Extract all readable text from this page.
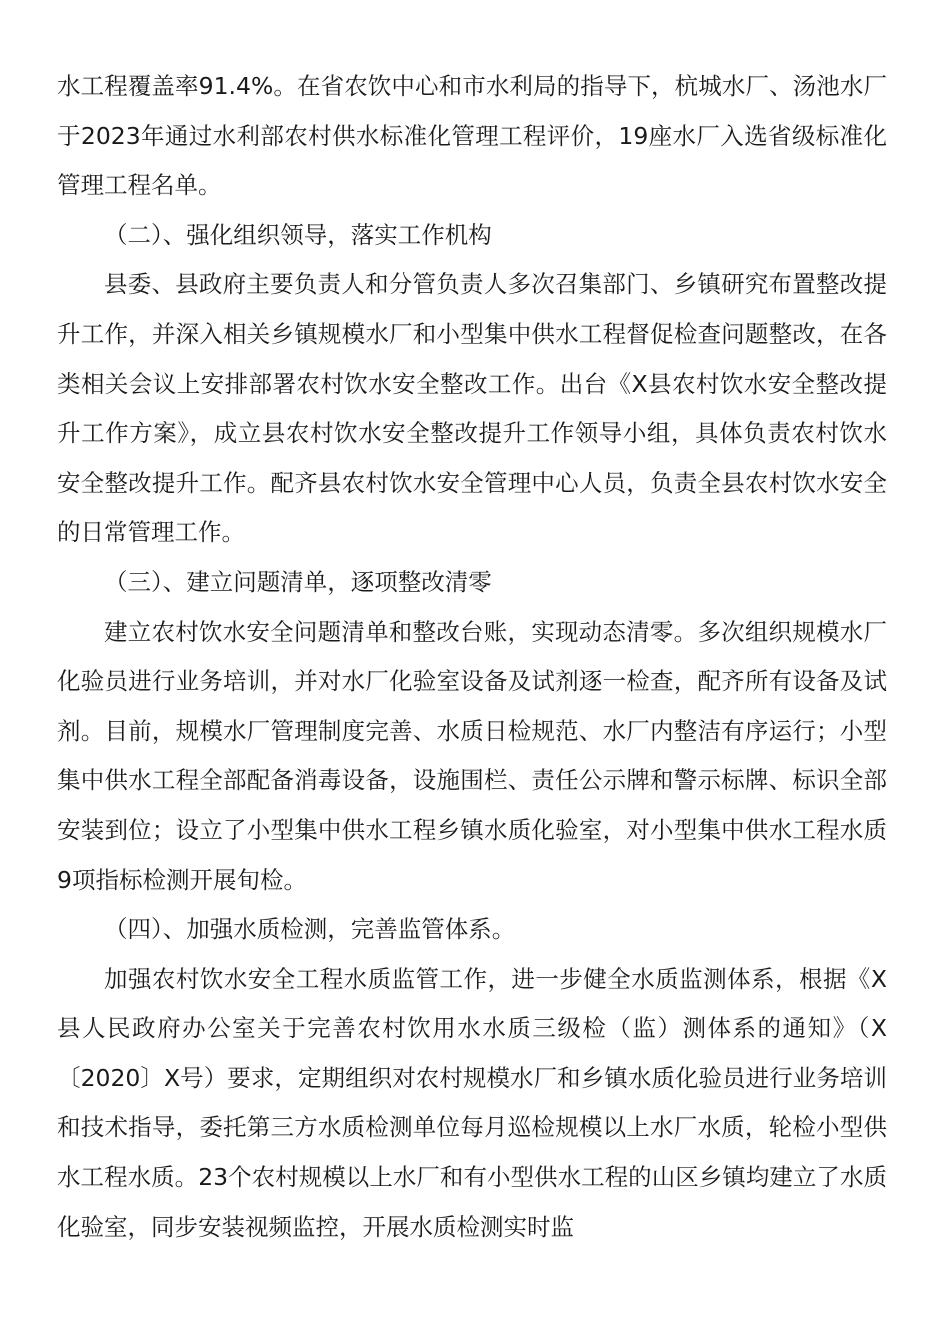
水工程覆盖率91.4%。在省农饮中心和市水利局的指导下，杭城水厂、汤池水厂于2023年通过水利部农村供水标准化管理工程评价，19座水厂入选省级标准化管理工程名单。

（二）、强化组织领导，落实工作机构

县委、县政府主要负责人和分管负责人多次召集部门、乡镇研究布置整改提升工作，并深入相关乡镇规模水厂和小型集中供水工程督促检查问题整改，在各类相关会议上安排部署农村饮水安全整改工作。出台《X县农村饮水安全整改提升工作方案》，成立县农村饮水安全整改提升工作领导小组，具体负责农村饮水安全整改提升工作。配齐县农村饮水安全管理中心人员，负责全县农村饮水安全的日常管理工作。

（三）、建立问题清单，逐项整改清零

建立农村饮水安全问题清单和整改台账，实现动态清零。多次组织规模水厂化验员进行业务培训，并对水厂化验室设备及试剂逐一检查，配齐所有设备及试剂。目前，规模水厂管理制度完善、水质日检规范、水厂内整洁有序运行；小型集中供水工程全部配备消毒设备，设施围栏、责任公示牌和警示标牌、标识全部安装到位；设立了小型集中供水工程乡镇水质化验室，对小型集中供水工程水质9项指标检测开展旬检。

（四）、加强水质检测，完善监管体系。

加强农村饮水安全工程水质监管工作，进一步健全水质监测体系，根据《X县人民政府办公室关于完善农村饮用水水质三级检（监）测体系的通知》（X〔2020〕X号）要求，定期组织对农村规模水厂和乡镇水质化验员进行业务培训和技术指导，委托第三方水质检测单位每月巡检规模以上水厂水质，轮检小型供水工程水质。23个农村规模以上水厂和有小型供水工程的山区乡镇均建立了水质化验室，同步安装视频监控，开展水质检测实时监
